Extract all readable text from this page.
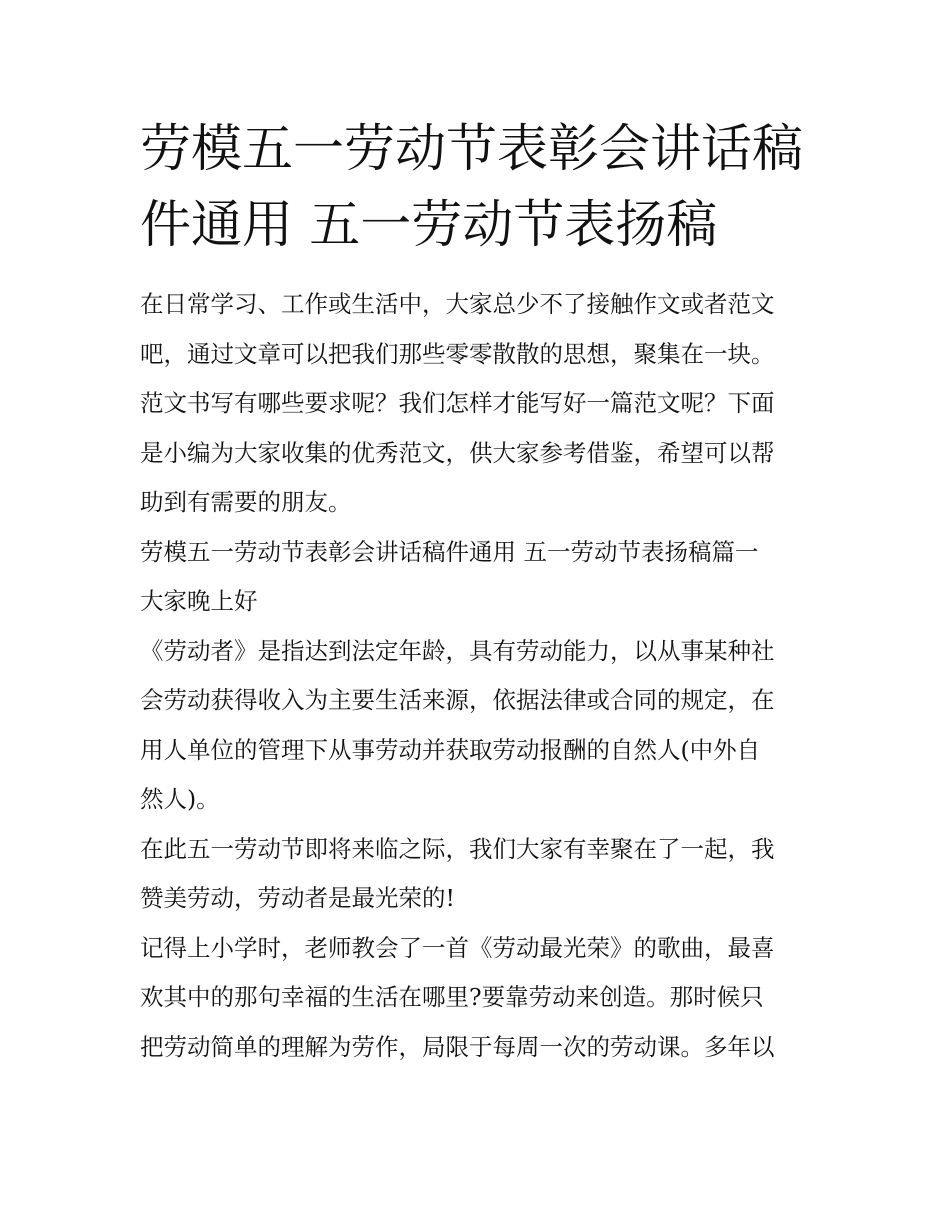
劳模五一劳动节表彰会讲话稿
件通用 五一劳动节表扬稿

在日常学习、工作或生活中，大家总少不了接触作文或者范文
吧，通过文章可以把我们那些零零散散的思想，聚集在一块。
范文书写有哪些要求呢？我们怎样才能写好一篇范文呢？下面
是小编为大家收集的优秀范文，供大家参考借鉴，希望可以帮
助到有需要的朋友。

劳模五一劳动节表彰会讲话稿件通用 五一劳动节表扬稿篇一

大家晚上好

《劳动者》是指达到法定年龄，具有劳动能力，以从事某种社
会劳动获得收入为主要生活来源，依据法律或合同的规定，在
用人单位的管理下从事劳动并获取劳动报酬的自然人(中外自
然人)。

在此五一劳动节即将来临之际，我们大家有幸聚在了一起，我
赞美劳动，劳动者是最光荣的!

记得上小学时，老师教会了一首《劳动最光荣》的歌曲，最喜
欢其中的那句幸福的生活在哪里?要靠劳动来创造。那时候只
把劳动简单的理解为劳作，局限于每周一次的劳动课。多年以
